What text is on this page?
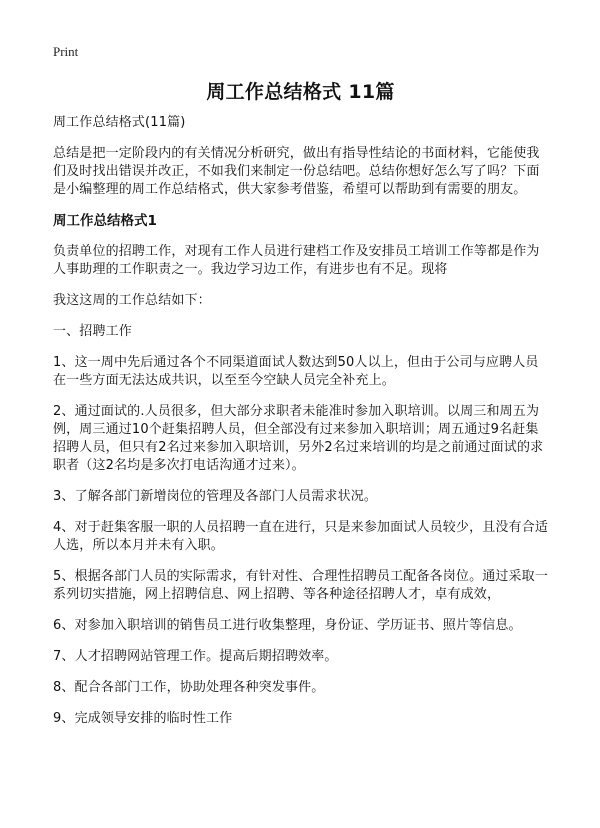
Print
周工作总结格式 11篇
周工作总结格式(11篇)
总结是把一定阶段内的有关情况分析研究，做出有指导性结论的书面材料，它能使我们及时找出错误并改正，不如我们来制定一份总结吧。总结你想好怎么写了吗？下面是小编整理的周工作总结格式，供大家参考借鉴，希望可以帮助到有需要的朋友。
周工作总结格式1
负责单位的招聘工作，对现有工作人员进行建档工作及安排员工培训工作等都是作为人事助理的工作职责之一。我边学习边工作，有进步也有不足。现将
我这这周的工作总结如下：
一、招聘工作
1、这一周中先后通过各个不同渠道面试人数达到50人以上，但由于公司与应聘人员在一些方面无法达成共识，以至至今空缺人员完全补充上。
2、通过面试的.人员很多，但大部分求职者未能准时参加入职培训。以周三和周五为例，周三通过10个赶集招聘人员，但全部没有过来参加入职培训；周五通过9名赶集招聘人员，但只有2名过来参加入职培训，另外2名过来培训的均是之前通过面试的求职者（这2名均是多次打电话沟通才过来）。
3、了解各部门新增岗位的管理及各部门人员需求状况。
4、对于赶集客服一职的人员招聘一直在进行，只是来参加面试人员较少，且没有合适人选，所以本月并未有入职。
5、根据各部门人员的实际需求，有针对性、合理性招聘员工配备各岗位。通过采取一系列切实措施，网上招聘信息、网上招聘、等各种途径招聘人才，卓有成效，
6、对参加入职培训的销售员工进行收集整理，身份证、学历证书、照片等信息。
7、人才招聘网站管理工作。提高后期招聘效率。
8、配合各部门工作，协助处理各种突发事件。
9、完成领导安排的临时性工作
